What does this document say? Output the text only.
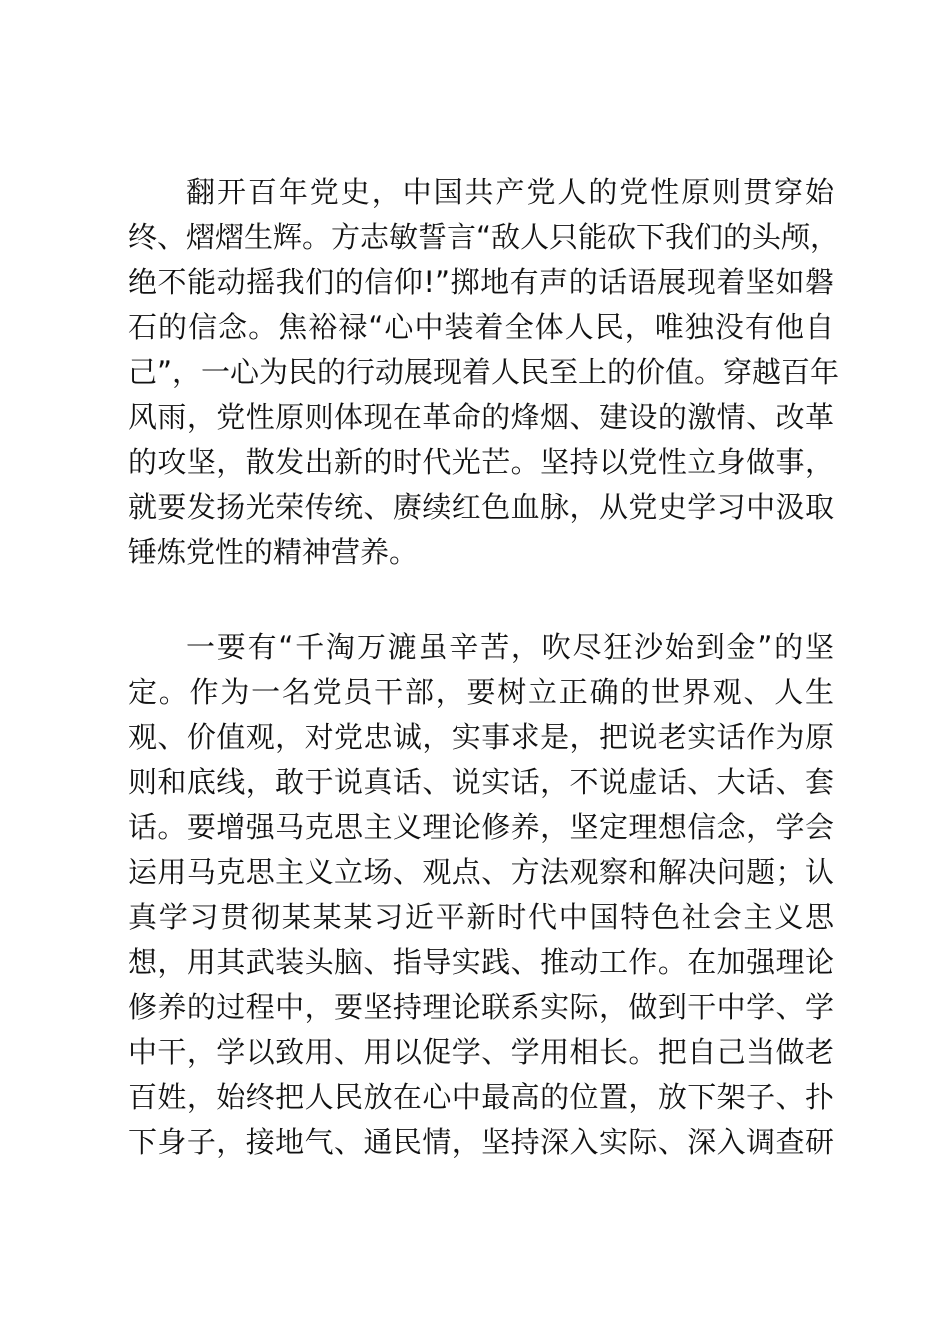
翻开百年党史，中国共产党人的党性原则贯穿始
终、熠熠生辉。方志敏誓言“敌人只能砍下我们的头颅，
绝不能动摇我们的信仰!”掷地有声的话语展现着坚如磐
石的信念。焦裕禄“心中装着全体人民，唯独没有他自
己”，一心为民的行动展现着人民至上的价值。穿越百年
风雨，党性原则体现在革命的烽烟、建设的激情、改革
的攻坚，散发出新的时代光芒。坚持以党性立身做事，
就要发扬光荣传统、赓续红色血脉，从党史学习中汲取
锤炼党性的精神营养。
一要有“千淘万漉虽辛苦，吹尽狂沙始到金”的坚
定。作为一名党员干部，要树立正确的世界观、人生
观、价值观，对党忠诚，实事求是，把说老实话作为原
则和底线，敢于说真话、说实话，不说虚话、大话、套
话。要增强马克思主义理论修养，坚定理想信念，学会
运用马克思主义立场、观点、方法观察和解决问题；认
真学习贯彻某某某习近平新时代中国特色社会主义思
想，用其武装头脑、指导实践、推动工作。在加强理论
修养的过程中，要坚持理论联系实际，做到干中学、学
中干，学以致用、用以促学、学用相长。把自己当做老
百姓，始终把人民放在心中最高的位置，放下架子、扑
下身子，接地气、通民情，坚持深入实际、深入调查研
